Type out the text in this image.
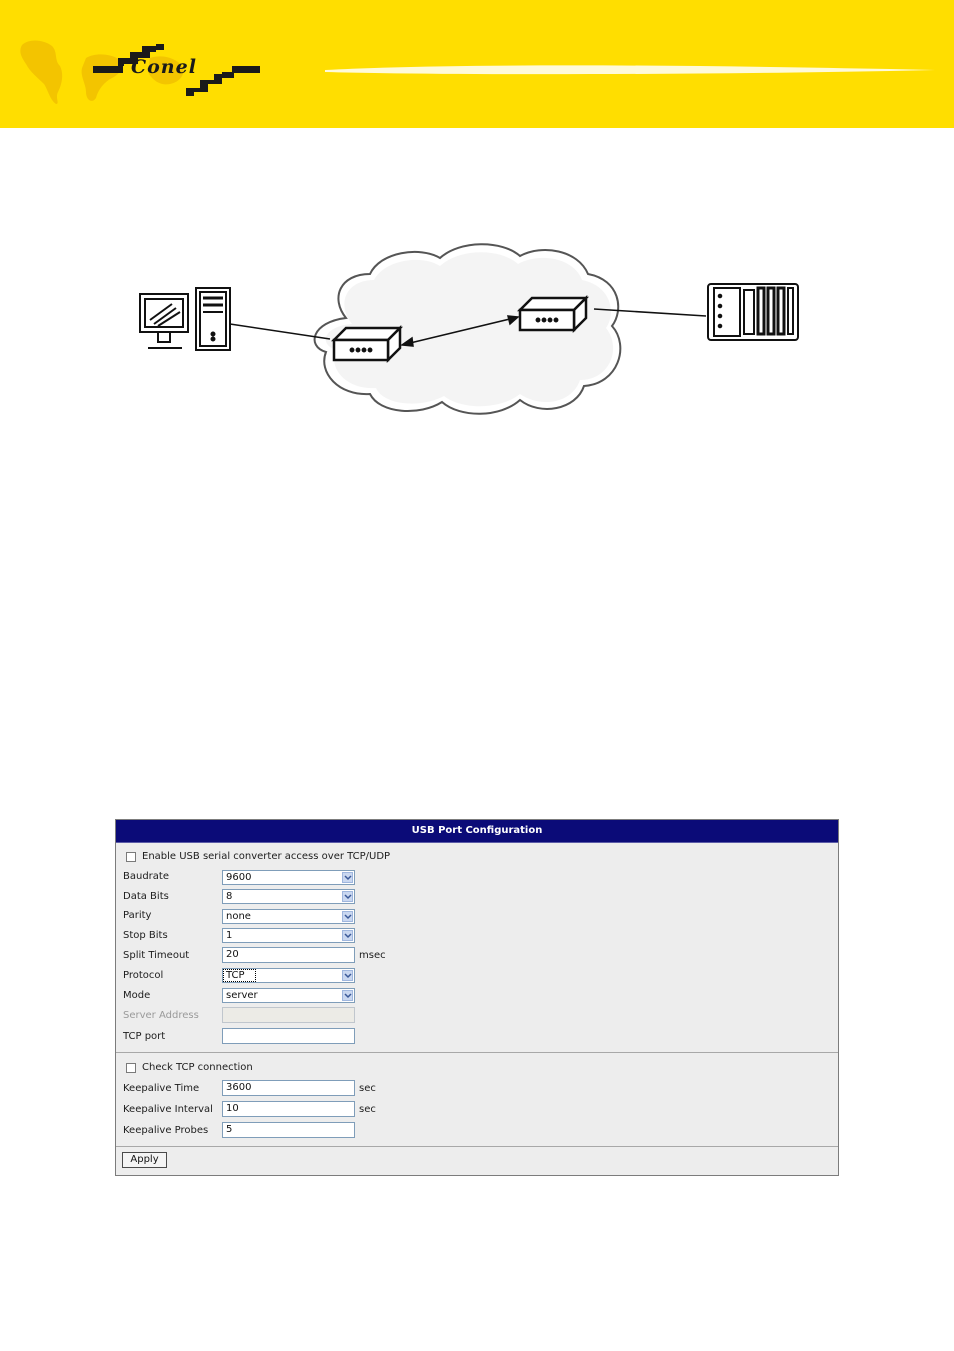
Conel
USB Port Configuration
Enable USB serial converter access over TCP/UDP
Baudrate	9600
Data Bits	8
Parity	none
Stop Bits	1
Split Timeout	20	msec
Protocol	TCP
Mode	server
Server Address
TCP port
Check TCP connection
Keepalive Time	3600	sec
Keepalive Interval	10	sec
Keepalive Probes	5
Apply
